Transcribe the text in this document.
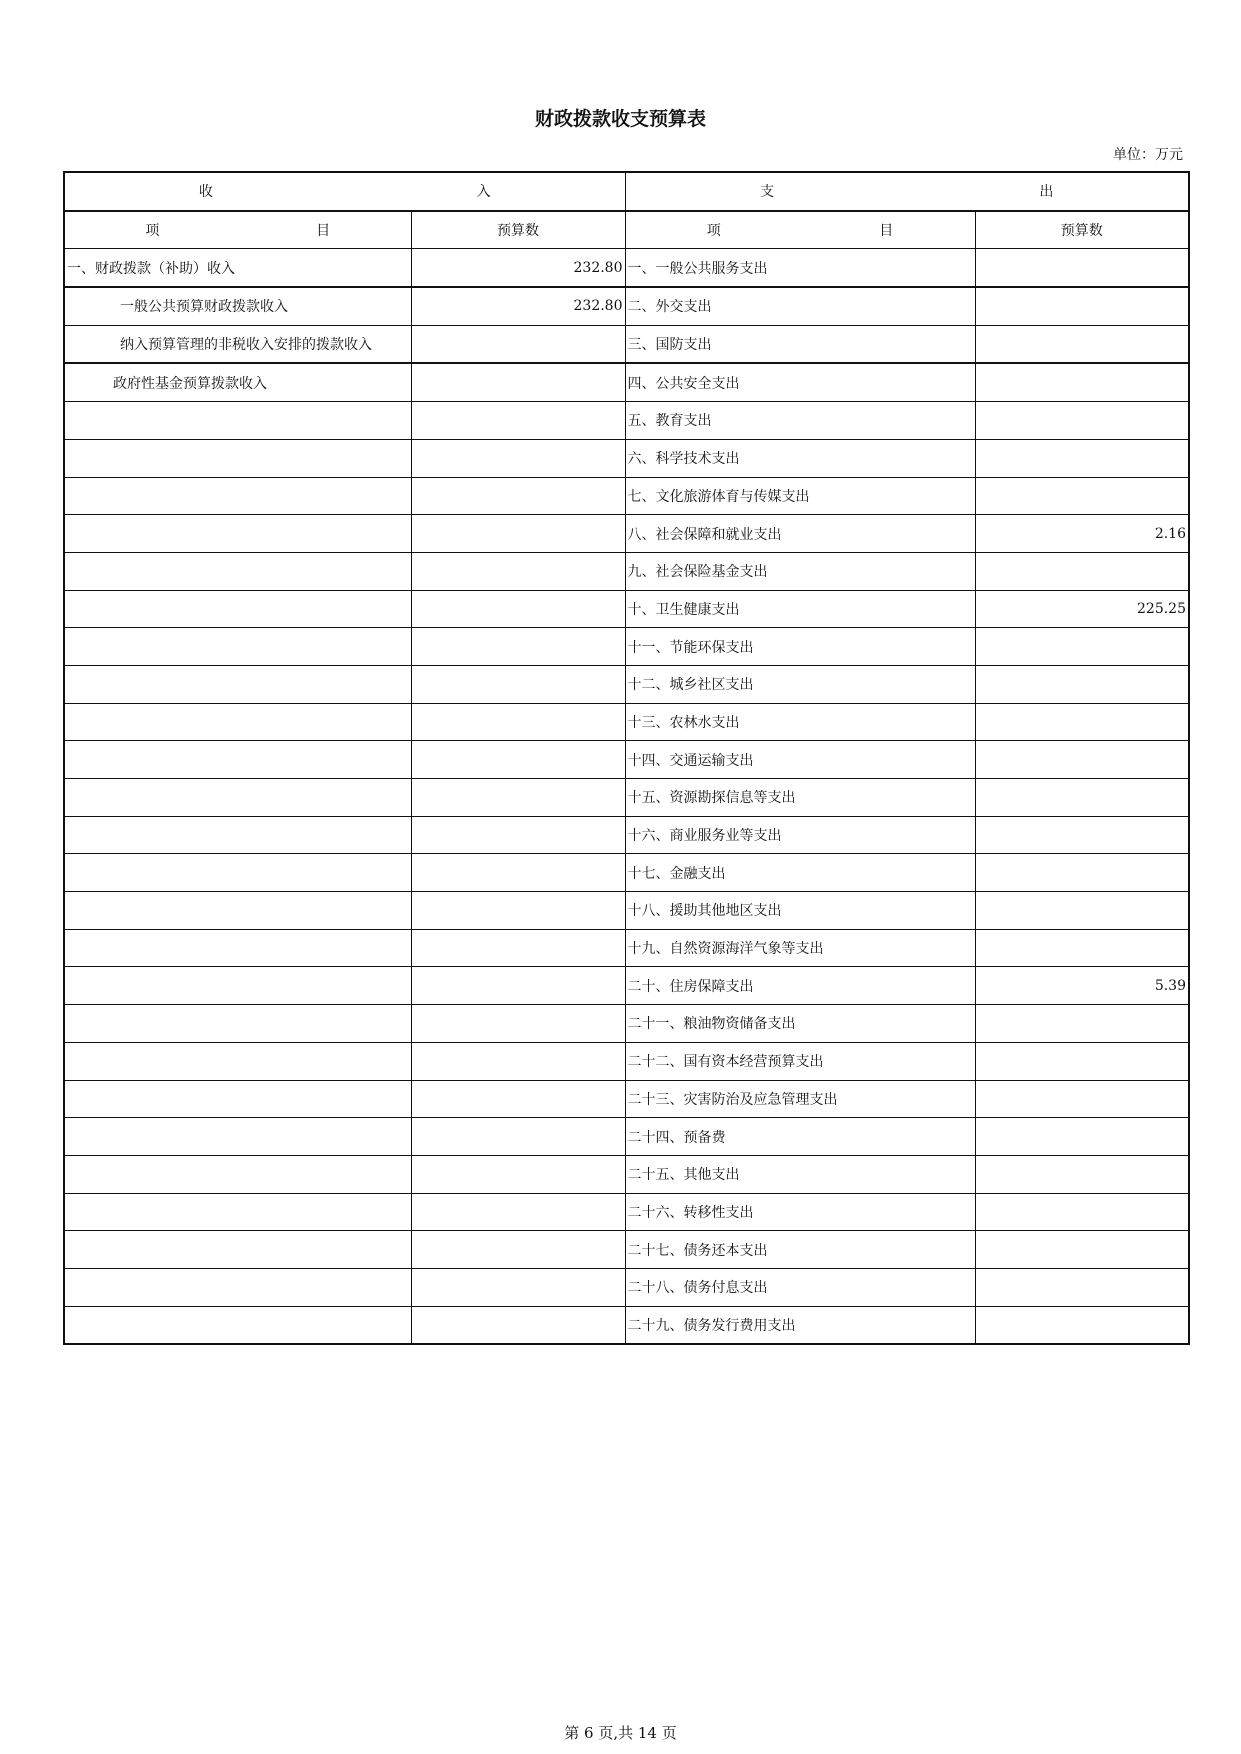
财政拨款收支预算表
单位：万元
收 入		支 出	

项 目	预算数	项 目	预算数
一、财政拨款（补助）收入	232.80	一、一般公共服务支出	
一般公共预算财政拨款收入	232.80	二、外交支出	
纳入预算管理的非税收入安排的拨款收入		三、国防支出	
政府性基金预算拨款收入		四、公共安全支出	
		五、教育支出	
		六、科学技术支出	
		七、文化旅游体育与传媒支出	
		八、社会保障和就业支出	2.16
		九、社会保险基金支出	
		十、卫生健康支出	225.25
		十一、节能环保支出	
		十二、城乡社区支出	
		十三、农林水支出	
		十四、交通运输支出	
		十五、资源勘探信息等支出	
		十六、商业服务业等支出	
		十七、金融支出	
		十八、援助其他地区支出	
		十九、自然资源海洋气象等支出	
		二十、住房保障支出	5.39
		二十一、粮油物资储备支出	
		二十二、国有资本经营预算支出	
		二十三、灾害防治及应急管理支出	
		二十四、预备费	
		二十五、其他支出	
		二十六、转移性支出	
		二十七、债务还本支出	
		二十八、债务付息支出	
		二十九、债务发行费用支出	
第 6 页,共 14 页
